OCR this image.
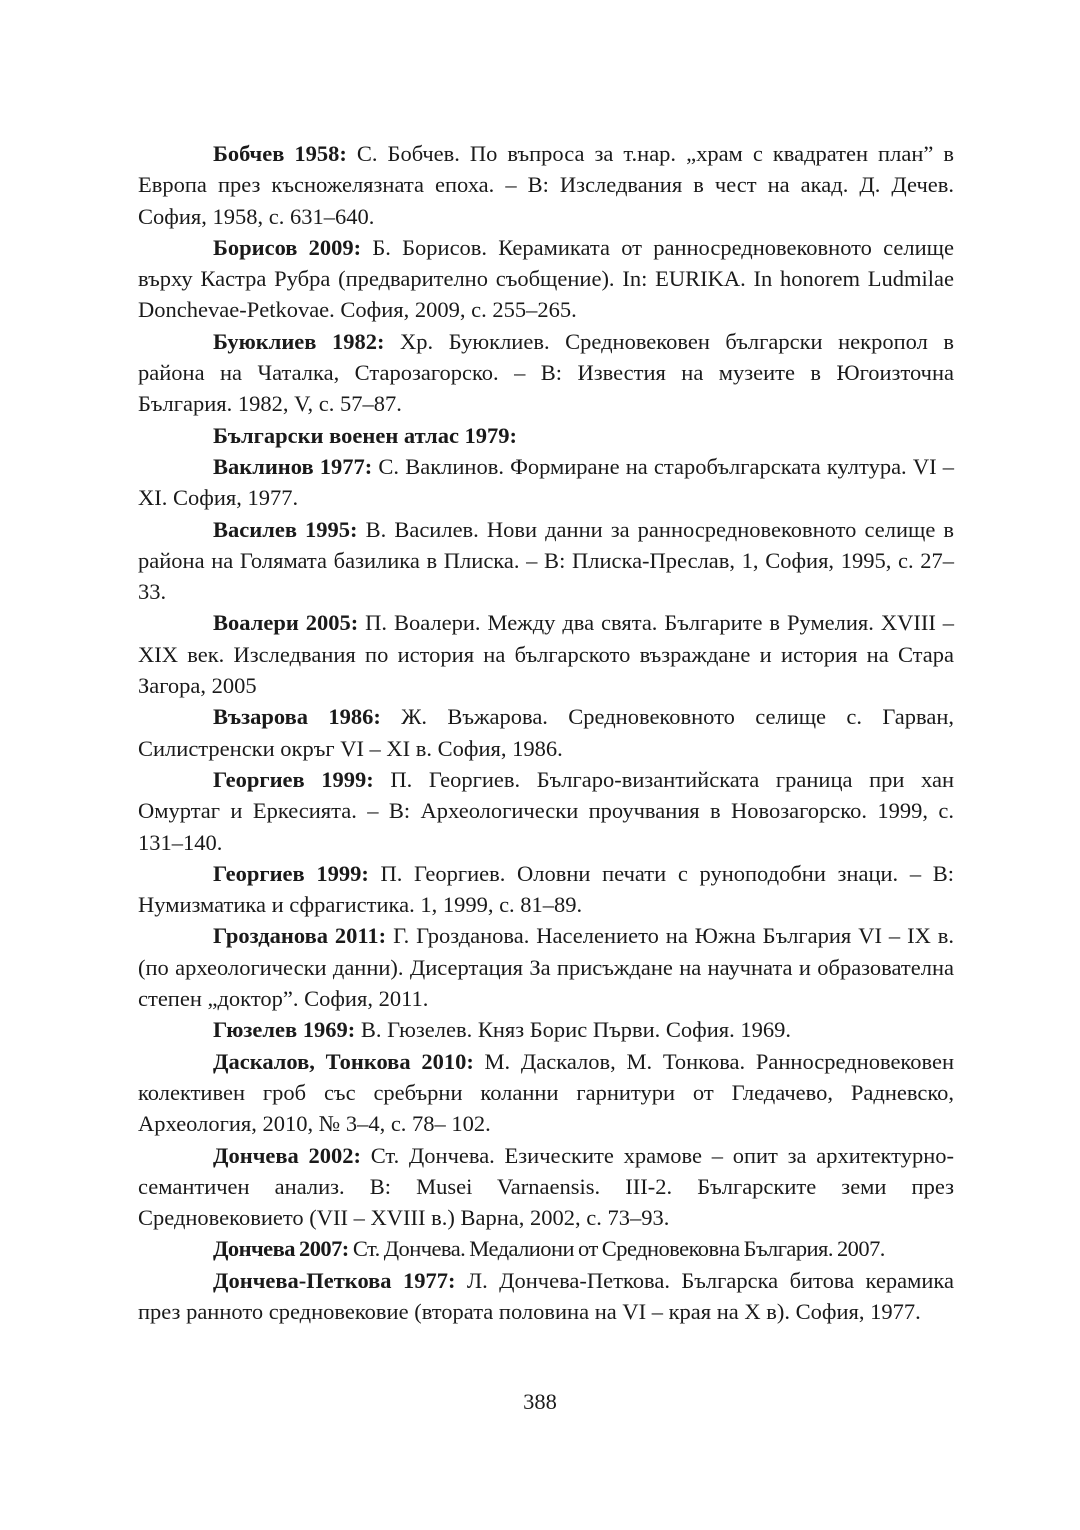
Бобчев 1958: С. Бобчев. По въпроса за т.нар. „храм с квадратен план” в Европа през късножелязната епоха. – В: Изследвания в чест на акад. Д. Дечев. София, 1958, с. 631–640.

Борисов 2009: Б. Борисов. Керамиката от ранносредновековното селище върху Кастра Рубра (предварително съобщение). In: EURIKA. In honorem Ludmilae Donchevae-Petkovae. София, 2009, с. 255–265.

Буюклиев 1982: Хр. Буюклиев. Средновековен български некропол в района на Чаталка, Старозагорско. – В: Известия на музеите в Югоизточна България. 1982, V, с. 57–87.

Български военен атлас 1979:

Ваклинов 1977: С. Ваклинов. Формиране на старобългарската култура. VI – XI. София, 1977.

Василев 1995: В. Василев. Нови данни за ранносредновековното селище в района на Голямата базилика в Плиска. – В: Плиска-Преслав, 1, София, 1995, с. 27–33.

Воалери 2005: П. Воалери. Между два свята. Българите в Румелия. XVIII – XIX век. Изследвания по история на българското възраждане и история на Стара Загора, 2005

Възарова 1986: Ж. Въжарова. Средновековното селище с. Гарван, Силистренски окръг VI – XI в. София, 1986.

Георгиев 1999: П. Георгиев. Българо-византийската граница при хан Омуртаг и Еркесията. – В: Археологически проучвания в Новозагорско. 1999, с. 131–140.

Георгиев 1999: П. Георгиев. Оловни печати с руноподобни знаци. – В: Нумизматика и сфрагистика. 1, 1999, с. 81–89.

Грозданова 2011: Г. Грозданова. Населението на Южна България VI – IX в. (по археологически данни). Дисертация За присъждане на научната и образователна степен „доктор”. София, 2011.

Гюзелев 1969: В. Гюзелев. Княз Борис Първи. София. 1969.

Даскалов, Тонкова 2010: М. Даскалов, М. Тонкова. Ранносредновековен колективен гроб със сребърни коланни гарнитури от Гледачево, Радневско, Археология, 2010, № 3–4, с. 78– 102.

Дончева 2002: Ст. Дончева. Езическите храмове – опит за архитектурно-семантичен анализ. В: Musei Varnaensis. III-2. Българските земи през Средновековието (VII – XVIII в.) Варна, 2002, с. 73–93.

Дончева 2007: Ст. Дончева. Медалиони от Средновековна България. 2007.

Дончева-Петкова 1977: Л. Дончева-Петкова. Българска битова керамика през ранното средновековие (втората половина на VI – края на X в). София, 1977.

388
